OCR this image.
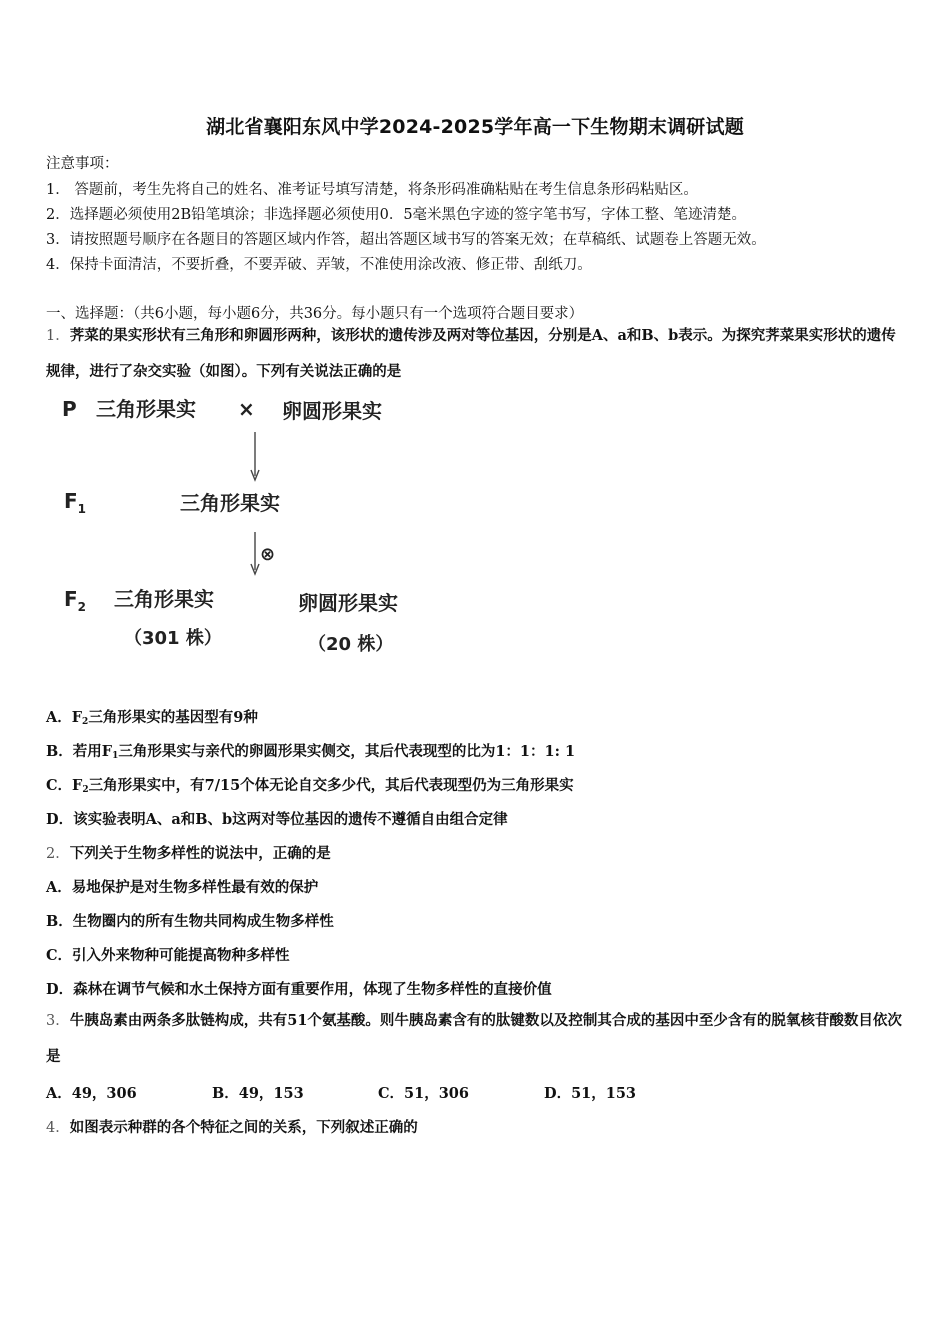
湖北省襄阳东风中学2024-2025学年高一下生物期末调研试题
注意事项：
1． 答题前，考生先将自己的姓名、准考证号填写清楚，将条形码准确粘贴在考生信息条形码粘贴区。
2．选择题必须使用2B铅笔填涂；非选择题必须使用0．5毫米黑色字迹的签字笔书写，字体工整、笔迹清楚。
3．请按照题号顺序在各题目的答题区域内作答，超出答题区域书写的答案无效；在草稿纸、试题卷上答题无效。
4．保持卡面清洁，不要折叠，不要弄破、弄皱，不准使用涂改液、修正带、刮纸刀。
一、选择题：（共6小题，每小题6分，共36分。每小题只有一个选项符合题目要求）
1．荠菜的果实形状有三角形和卵圆形两种，该形状的遗传涉及两对等位基因，分别是A、a和B、b表示。为探究荠菜果实形状的遗传规律，进行了杂交实验（如图）。下列有关说法正确的是
P 三角形果实 × 卵圆形果实
$F_1$	三角形果实
⊗
$F_2$ 三角形果实
（301 株）
卵圆形果实
（20 株）
A．$F_2$三角形果实的基因型有9种
B．若用$F_1$三角形果实与亲代的卵圆形果实侧交，其后代表现型的比为1：1：1: 1
C．$F_2$三角形果实中，有7/15个体无论自交多少代，其后代表现型仍为三角形果实
D．该实验表明A、a和B、b这两对等位基因的遗传不遵循自由组合定律
2．下列关于生物多样性的说法中，正确的是
A．易地保护是对生物多样性最有效的保护
B．生物圈内的所有生物共同构成生物多样性
C．引入外来物种可能提高物种多样性
D．森林在调节气候和水土保持方面有重要作用，体现了生物多样性的直接价值
3．牛胰岛素由两条多肽链构成，共有51个氨基酸。则牛胰岛素含有的肽键数以及控制其合成的基因中至少含有的脱氧核苷酸数目依次是
A．49，306	B．49，153	C．51，306	D．51，153
4．如图表示种群的各个特征之间的关系，下列叙述正确的
